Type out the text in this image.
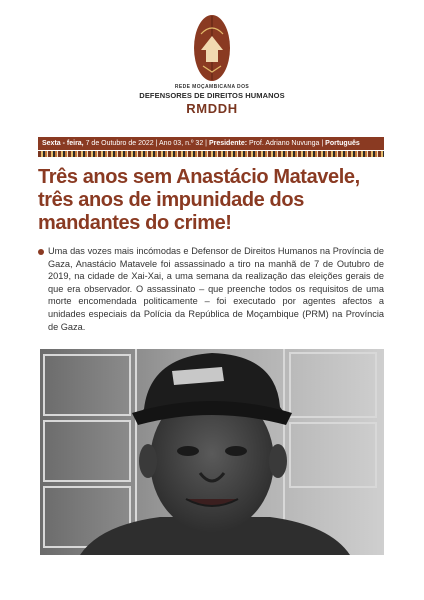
REDE MOÇAMBICANA DOS
DEFENSORES DE DIREITOS HUMANOS
RMDDH
Sexta - feira, 7 de Outubro de 2022 | Ano 03, n.º 32 | Presidente: Prof. Adriano Nuvunga | Português
Três anos sem Anastácio Matavele, três anos de impunidade dos mandantes do crime!

Uma das vozes mais incómodas e Defensor de Direitos Humanos na Província de Gaza, Anastácio Matavele foi assassinado a tiro na manhã de 7 de Outubro de 2019, na cidade de Xai-Xai, a uma semana da realização das eleições gerais de que era observador. O assassinato – que preenche todos os requisitos de uma morte encomendada politicamente – foi executado por agentes afectos a unidades especiais da Polícia da República de Moçambique (PRM) na Província de Gaza.
